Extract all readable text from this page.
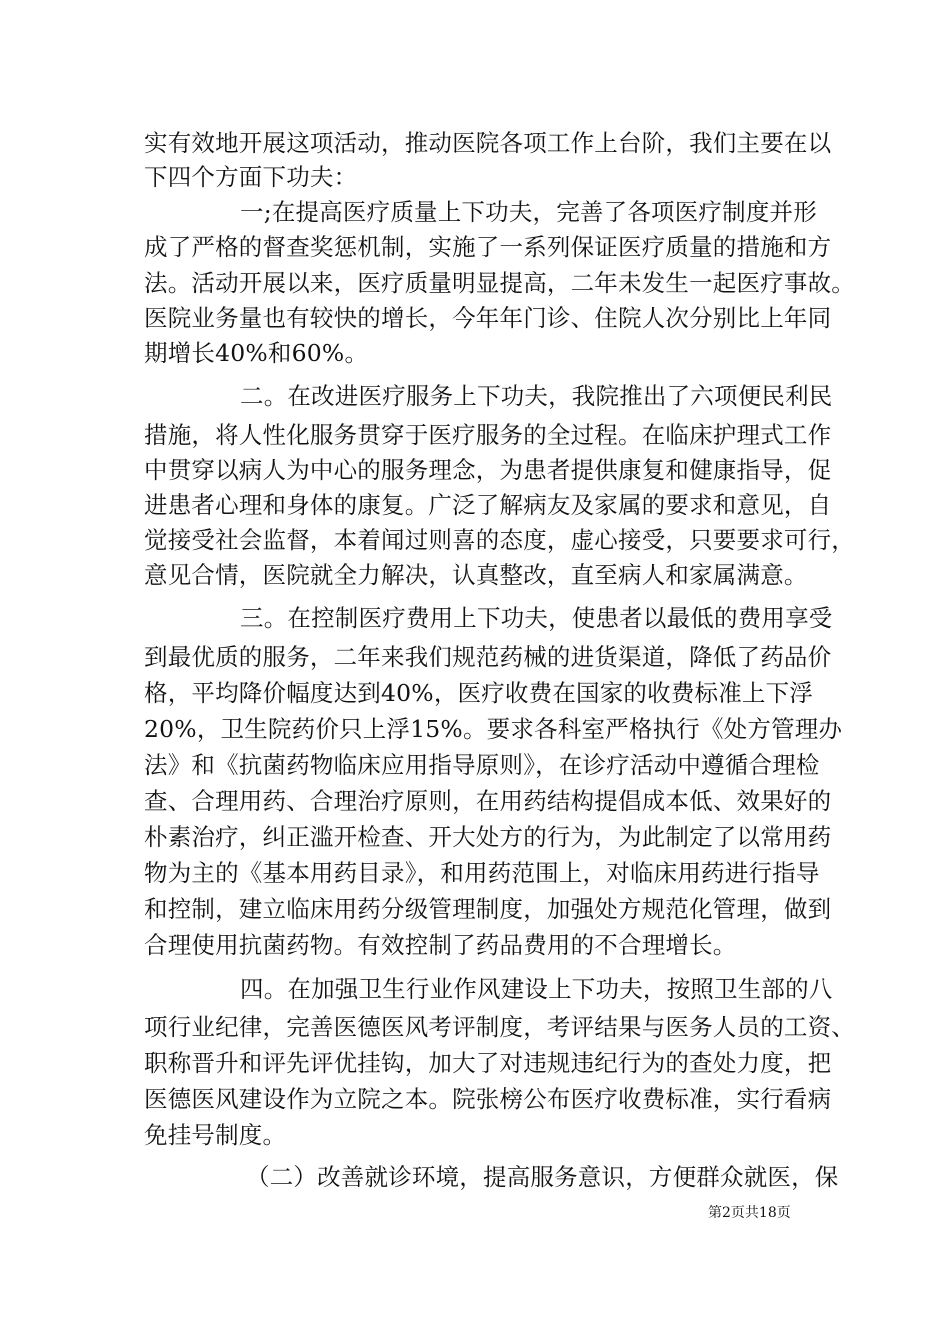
实有效地开展这项活动，推动医院各项工作上台阶，我们主要在以
下四个方面下功夫：
一;在提高医疗质量上下功夫，完善了各项医疗制度并形
成了严格的督查奖惩机制，实施了一系列保证医疗质量的措施和方
法。活动开展以来，医疗质量明显提高，二年未发生一起医疗事故。
医院业务量也有较快的增长，今年年门诊、住院人次分别比上年同
期增长40%和60%。
二。在改进医疗服务上下功夫，我院推出了六项便民利民
措施，将人性化服务贯穿于医疗服务的全过程。在临床护理式工作
中贯穿以病人为中心的服务理念，为患者提供康复和健康指导，促
进患者心理和身体的康复。广泛了解病友及家属的要求和意见，自
觉接受社会监督，本着闻过则喜的态度，虚心接受，只要要求可行，
意见合情，医院就全力解决，认真整改，直至病人和家属满意。
三。在控制医疗费用上下功夫，使患者以最低的费用享受
到最优质的服务，二年来我们规范药械的进货渠道，降低了药品价
格，平均降价幅度达到40%，医疗收费在国家的收费标准上下浮
20%，卫生院药价只上浮15%。要求各科室严格执行《处方管理办
法》和《抗菌药物临床应用指导原则》，在诊疗活动中遵循合理检
查、合理用药、合理治疗原则，在用药结构提倡成本低、效果好的
朴素治疗，纠正滥开检查、开大处方的行为，为此制定了以常用药
物为主的《基本用药目录》，和用药范围上，对临床用药进行指导
和控制，建立临床用药分级管理制度，加强处方规范化管理，做到
合理使用抗菌药物。有效控制了药品费用的不合理增长。
四。在加强卫生行业作风建设上下功夫，按照卫生部的八
项行业纪律，完善医德医风考评制度，考评结果与医务人员的工资、
职称晋升和评先评优挂钩，加大了对违规违纪行为的查处力度，把
医德医风建设作为立院之本。院张榜公布医疗收费标准，实行看病
免挂号制度。
（二）改善就诊环境，提高服务意识，方便群众就医，保
第2页共18页
